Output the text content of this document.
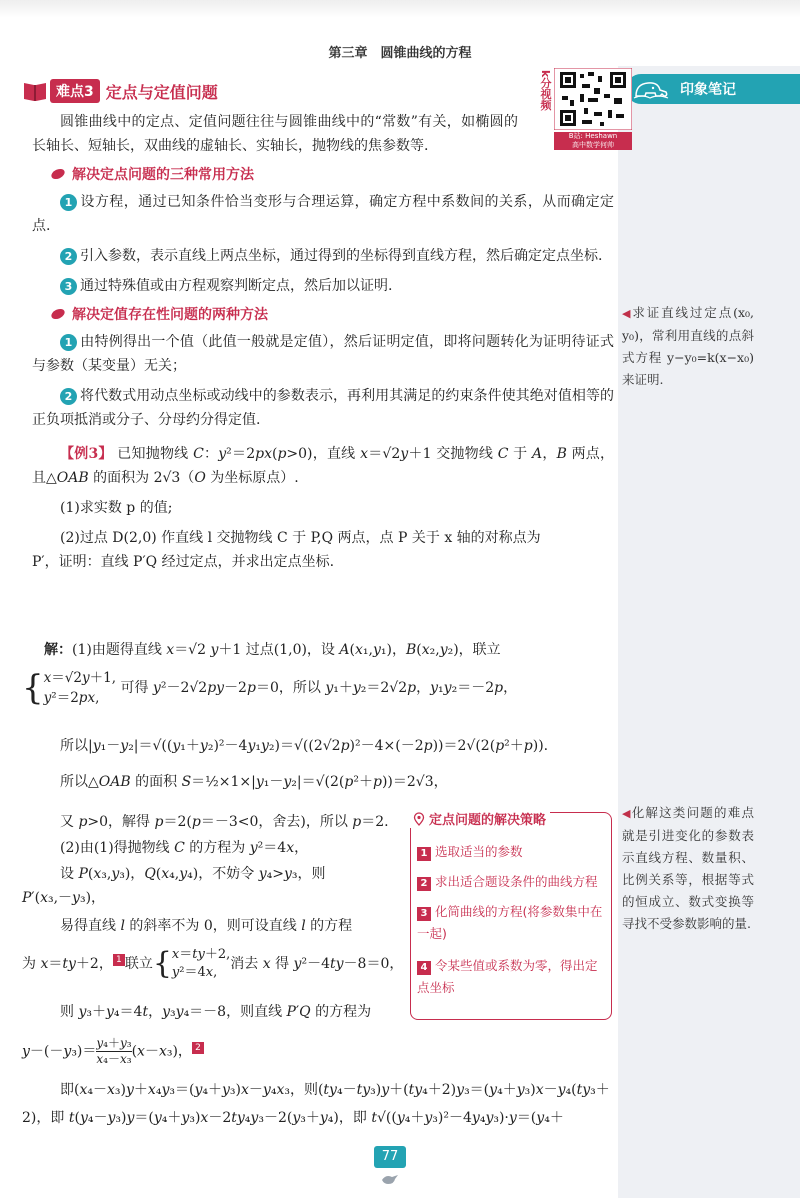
第三章　圆锥曲线的方程
印象笔记
◀求证直线过定点(x₀, y₀)，常利用直线的点斜式方程 y−y₀=k(x−x₀)来证明.
◀化解这类问题的难点就是引进变化的参数表示直线方程、数量积、比例关系等，根据等式的恒成立、数式变换等寻找不受参数影响的量.
k分视频
B站: Heshawn
高中数学何帅
难点3 定点与定值问题
圆锥曲线中的定点、定值问题往往与圆锥曲线中的“常数”有关，如椭圆的长轴长、短轴长，双曲线的虚轴长、实轴长，抛物线的焦参数等.
解决定点问题的三种常用方法
1 设方程，通过已知条件恰当变形与合理运算，确定方程中系数间的关系，从而确定定点.
2 引入参数，表示直线上两点坐标，通过得到的坐标得到直线方程，然后确定定点坐标.
3 通过特殊值或由方程观察判断定点，然后加以证明.
解决定值存在性问题的两种方法
1 由特例得出一个值（此值一般就是定值），然后证明定值，即将问题转化为证明待证式与参数（某变量）无关；
2 将代数式用动点坐标或动线中的参数表示，再利用其满足的约束条件使其绝对值相等的正负项抵消或分子、分母约分得定值.
【例3】 已知抛物线 C：y²＝2px(p>0)，直线 x＝√2y＋1 交抛物线 C 于 A，B 两点，且△OAB 的面积为 2√3（O 为坐标原点）.
(1)求实数 p 的值;
(2)过点 D(2,0) 作直线 l 交抛物线 C 于 P,Q 两点，点 P 关于 x 轴的对称点为
P′，证明：直线 P′Q 经过定点，并求出定点坐标.
解：(1)由题得直线 x＝√2 y＋1 过点(1,0)，设 A(x₁,y₁)，B(x₂,y₂)，联立
{x＝√2y＋1,
y²＝2px, 可得 y²－2√2py－2p＝0，所以 y₁＋y₂＝2√2p，y₁y₂＝－2p，
所以|y₁－y₂|＝√((y₁＋y₂)²－4y₁y₂)＝√((2√2p)²－4×(－2p))＝2√(2(p²＋p)).
所以△OAB 的面积 S＝½×1×|y₁－y₂|＝√(2(p²＋p))＝2√3，
又 p>0，解得 p＝2(p＝－3<0，舍去)，所以 p＝2.
(2)由(1)得抛物线 C 的方程为 y²＝4x，
设 P(x₃,y₃)，Q(x₄,y₄)，不妨令 y₄>y₃，则
P′(x₃,－y₃)，
易得直线 l 的斜率不为 0，则可设直线 l 的方程
为 x＝ty＋2， 1 联立{x＝ty＋2,
y²＝4x,消去 x 得 y²－4ty－8＝0，
则 y₃＋y₄＝4t，y₃y₄＝－8，则直线 P′Q 的方程为
$y-(-y_3)= \frac{\text{y₄＋y₃}}{\text{x₄－x₃}} (x-x_3)$， 2
即(x₄－x₃)y＋x₄y₃＝(y₄＋y₃)x－y₄x₃，则(ty₄－ty₃)y＋(ty₄＋2)y₃＝(y₄＋y₃)x－y₄(ty₃＋
2)，即 t(y₄－y₃)y＝(y₄＋y₃)x－2ty₄y₃－2(y₃＋y₄)，即 t√((y₄＋y₃)²－4y₄y₃)·y＝(y₄＋
定点问题的解决策略
1 选取适当的参数
2 求出适合题设条件的曲线方程
3 化简曲线的方程(将参数集中在一起)
4 令某些值或系数为零，得出定点坐标
77
